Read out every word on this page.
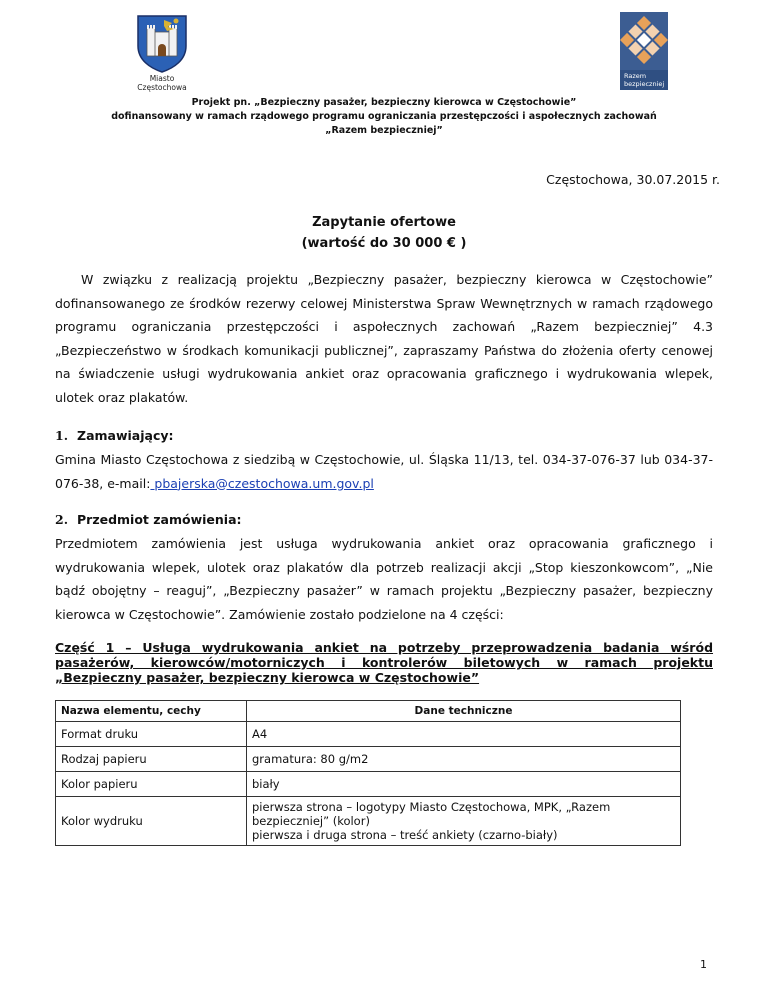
Miasto
Częstochowa
Razem
bezpieczniej
Projekt pn. „Bezpieczny pasażer, bezpieczny kierowca w Częstochowie”
dofinansowany w ramach rządowego programu ograniczania przestępczości i aspołecznych zachowań
„Razem bezpieczniej”
Częstochowa, 30.07.2015 r.
Zapytanie ofertowe
(wartość do 30 000 € )
W związku z realizacją projektu „Bezpieczny pasażer, bezpieczny kierowca w Częstochowie” dofinansowanego ze środków rezerwy celowej Ministerstwa Spraw Wewnętrznych w ramach rządowego programu ograniczania przestępczości i aspołecznych zachowań „Razem bezpieczniej” 4.3 „Bezpieczeństwo w środkach komunikacji publicznej”, zapraszamy Państwa do złożenia oferty cenowej na świadczenie usługi wydrukowania ankiet oraz opracowania graficznego i wydrukowania wlepek, ulotek oraz plakatów.
1. Zamawiający:
Gmina Miasto Częstochowa z siedzibą w Częstochowie, ul. Śląska 11/13, tel. 034-37-076-37 lub 034-37-076-38, e-mail: pbajerska@czestochowa.um.gov.pl
2. Przedmiot zamówienia:
Przedmiotem zamówienia jest usługa wydrukowania ankiet oraz opracowania graficznego i wydrukowania wlepek, ulotek oraz plakatów dla potrzeb realizacji akcji „Stop kieszonkowcom”, „Nie bądź obojętny – reaguj”, „Bezpieczny pasażer” w ramach projektu „Bezpieczny pasażer, bezpieczny kierowca w Częstochowie”. Zamówienie zostało podzielone na 4 części:
Część 1 – Usługa wydrukowania ankiet na potrzeby przeprowadzenia badania wśród pasażerów, kierowców/motorniczych i kontrolerów biletowych w ramach projektu „Bezpieczny pasażer, bezpieczny kierowca w Częstochowie”
Nazwa elementu, cechy	Dane techniczne
Format druku	A4
Rodzaj papieru	gramatura: 80 g/m2
Kolor papieru	biały
Kolor wydruku	pierwsza strona – logotypy Miasto Częstochowa, MPK, „Razem bezpieczniej” (kolor)
pierwsza i druga strona – treść ankiety (czarno-biały)
1
